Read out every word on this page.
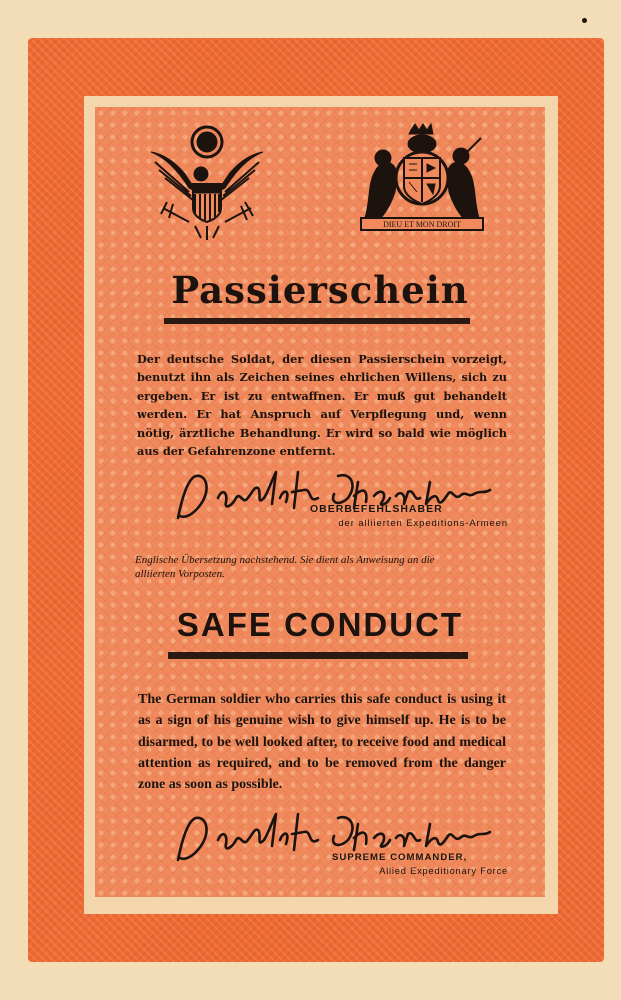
DIEU ET MON DROIT
Passierschein
Der deutsche Soldat, der diesen Passierschein vorzeigt, benutzt ihn als Zeichen seines ehrlichen Willens, sich zu ergeben. Er ist zu entwaffnen. Er muß gut behandelt werden. Er hat Anspruch auf Verpflegung und, wenn nötig, ärztliche Behandlung. Er wird so bald wie möglich aus der Gefahrenzone entfernt.
OBERBEFEHLSHABER
der alliierten Expeditions-Armeen
Englische Übersetzung nachstehend. Sie dient als Anweisung an die alliierten Vorposten.
SAFE CONDUCT
The German soldier who carries this safe conduct is using it as a sign of his genuine wish to give himself up. He is to be disarmed, to be well looked after, to receive food and medical attention as required, and to be removed from the danger zone as soon as possible.
SUPREME COMMANDER,
Allied Expeditionary Force
